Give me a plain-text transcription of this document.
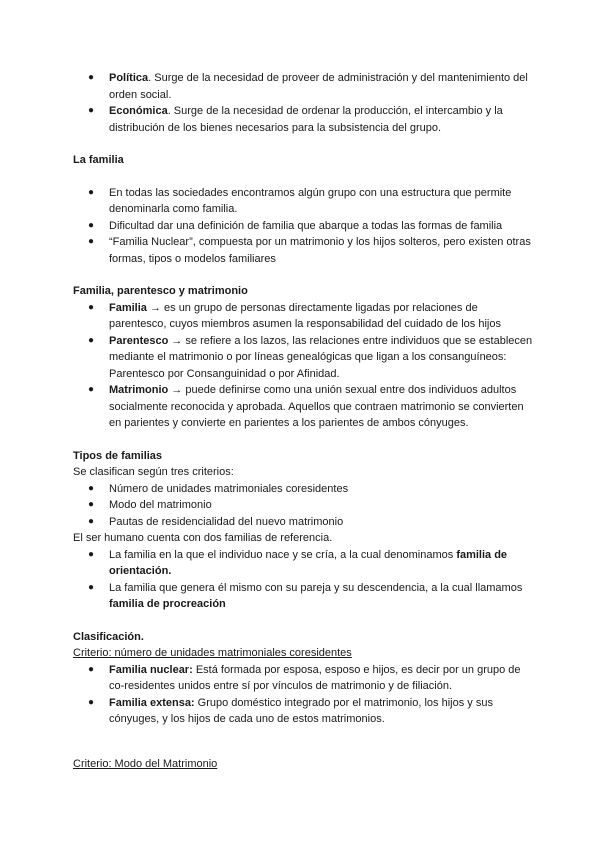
● Política. Surge de la necesidad de proveer de administración y del mantenimiento del orden social.
● Económica. Surge de la necesidad de ordenar la producción, el intercambio y la distribución de los bienes necesarios para la subsistencia del grupo.

La familia

● En todas las sociedades encontramos algún grupo con una estructura que permite denominarla como familia.
● Dificultad dar una definición de familia que abarque a todas las formas de familia
● “Familia Nuclear”, compuesta por un matrimonio y los hijos solteros, pero existen otras formas, tipos o modelos familiares

Familia, parentesco y matrimonio

● Familia → es un grupo de personas directamente ligadas por relaciones de parentesco, cuyos miembros asumen la responsabilidad del cuidado de los hijos
● Parentesco → se refiere a los lazos, las relaciones entre individuos que se establecen mediante el matrimonio o por líneas genealógicas que ligan a los consanguíneos: Parentesco por Consanguinidad o por Afinidad.
● Matrimonio → puede definirse como una unión sexual entre dos individuos adultos socialmente reconocida y aprobada. Aquellos que contraen matrimonio se convierten en parientes y convierte en parientes a los parientes de ambos cónyuges.

Tipos de familias

Se clasifican según tres criterios:

● Número de unidades matrimoniales coresidentes
● Modo del matrimonio
● Pautas de residencialidad del nuevo matrimonio

El ser humano cuenta con dos familias de referencia.

● La familia en la que el individuo nace y se cría, a la cual denominamos familia de orientación.
● La familia que genera él mismo con su pareja y su descendencia, a la cual llamamos familia de procreación

Clasificación.

Criterio: número de unidades matrimoniales coresidentes

● Familia nuclear: Está formada por esposa, esposo e hijos, es decir por un grupo de co-residentes unidos entre sí por vínculos de matrimonio y de filiación.
● Familia extensa: Grupo doméstico integrado por el matrimonio, los hijos y sus cónyuges, y los hijos de cada uno de estos matrimonios.

Criterio: Modo del Matrimonio
